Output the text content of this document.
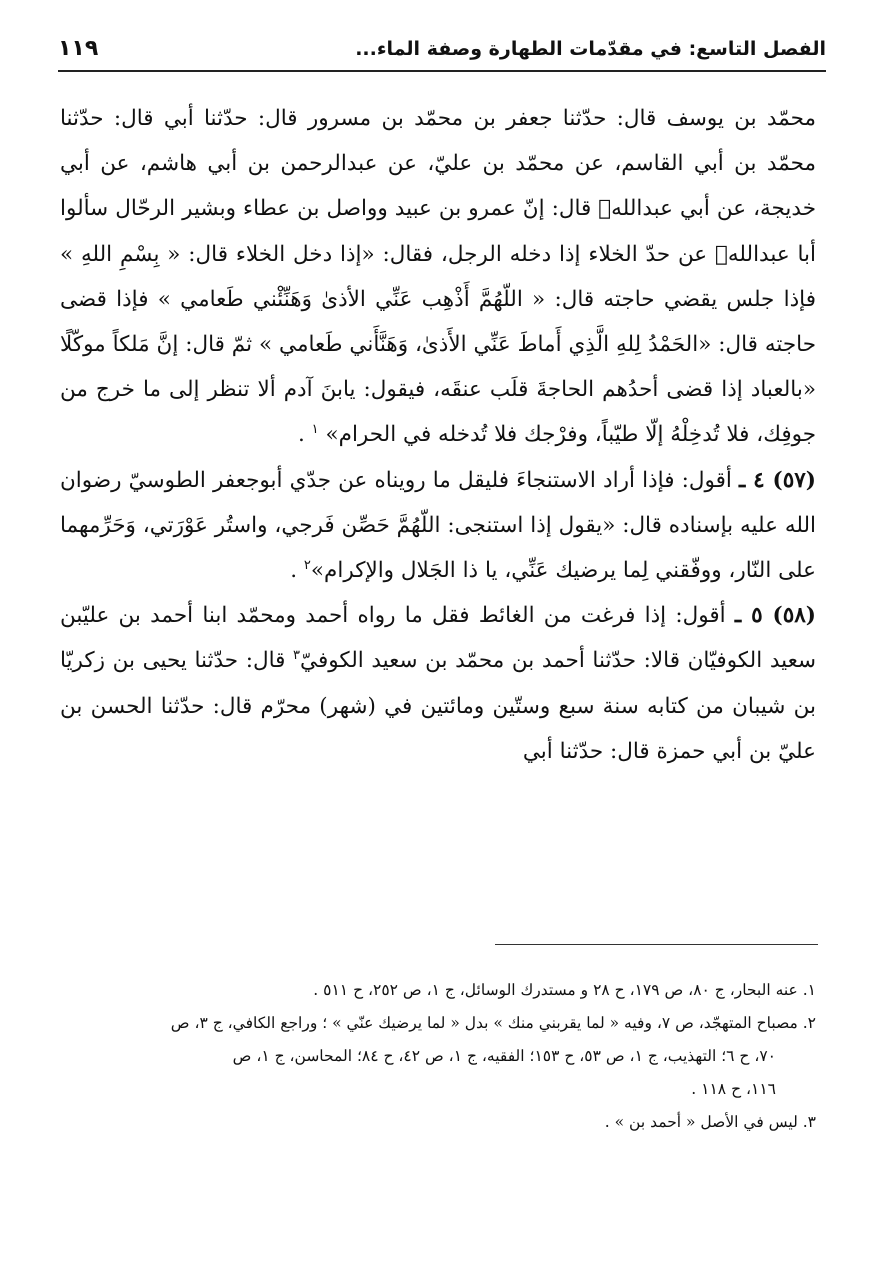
الفصل التاسع: في مقدّمات الطهارة وصفة الماء...
١١٩

محمّد بن يوسف قال: حدّثنا جعفر بن محمّد بن مسرور قال: حدّثنا أبي قال: حدّثنا محمّد بن أبي القاسم، عن محمّد بن عليّ، عن عبدالرحمن بن أبي هاشم، عن أبي خديجة، عن أبي عبدالله﷣ قال: إنّ عمرو بن عبيد وواصل بن عطاء وبشير الرحّال سألوا أبا عبدالله﷣ عن حدّ الخلاء إذا دخله الرجل، فقال: «إذا دخل الخلاء قال: « بِسْمِ اللهِ » فإذا جلس يقضي حاجته قال: « اللّهُمَّ أَذْهِب عَنِّي الأذىٰ وَهَنِّئْني طَعامي » فإذا قضى حاجته قال: «الحَمْدُ لِلهِ الَّذِي أَماطَ عَنِّي الأَذىٰ، وَهَنَّأَني طَعامي » ثمّ قال: إنَّ مَلكاً موكّلًا «بالعباد إذا قضى أحدُهم الحاجةَ قلَب عنقَه، فيقول: يابنَ آدم ألا تنظر إلى ما خرج من جوفِك، فلا تُدخِلْهُ إلّا طيّباً، وفرْجك فلا تُدخله في الحرام» $^١$ .

(٥٧) ٤ ـ أقول: فإذا أراد الاستنجاءَ فليقل ما رويناه عن جدّي أبوجعفر الطوسيّ رضوان الله عليه بإسناده قال: «يقول إذا استنجى: اللّهُمَّ حَصِّن فَرجي، واستُر عَوْرَتي، وَحَرِّمهما على النّار، ووفّقني لِما يرضيك عَنِّي، يا ذا الجَلال والإكرام»$^٢$ .

(٥٨) ٥ ـ أقول: إذا فرغت من الغائط فقل ما رواه أحمد ومحمّد ابنا أحمد بن عليّبن سعيد الكوفيّان قالا: حدّثنا أحمد بن محمّد بن سعيد الكوفيّ$^٣$ قال: حدّثنا يحيى بن زكريّا بن شيبان من كتابه سنة سبع وستّين ومائتين في (شهر) محرّم قال: حدّثنا الحسن بن عليّ بن أبي حمزة قال: حدّثنا أبي

١. عنه البحار، ج ٨٠، ص ١٧٩، ح ٢٨ و مستدرك الوسائل، ج ١، ص ٢٥٢، ح ٥١١ .

٢. مصباح المتهجّد، ص ٧، وفيه « لما يقربني منك » بدل « لما يرضيك عنّي » ؛ وراجع الكافي، ج ٣، ص

٧٠، ح ٦؛ التهذيب، ج ١، ص ٥٣، ح ١٥٣؛ الفقيه، ج ١، ص ٤٢، ح ٨٤؛ المحاسن، ج ١، ص

١١٦، ح ١١٨ .

٣. ليس في الأصل « أحمد بن » .
